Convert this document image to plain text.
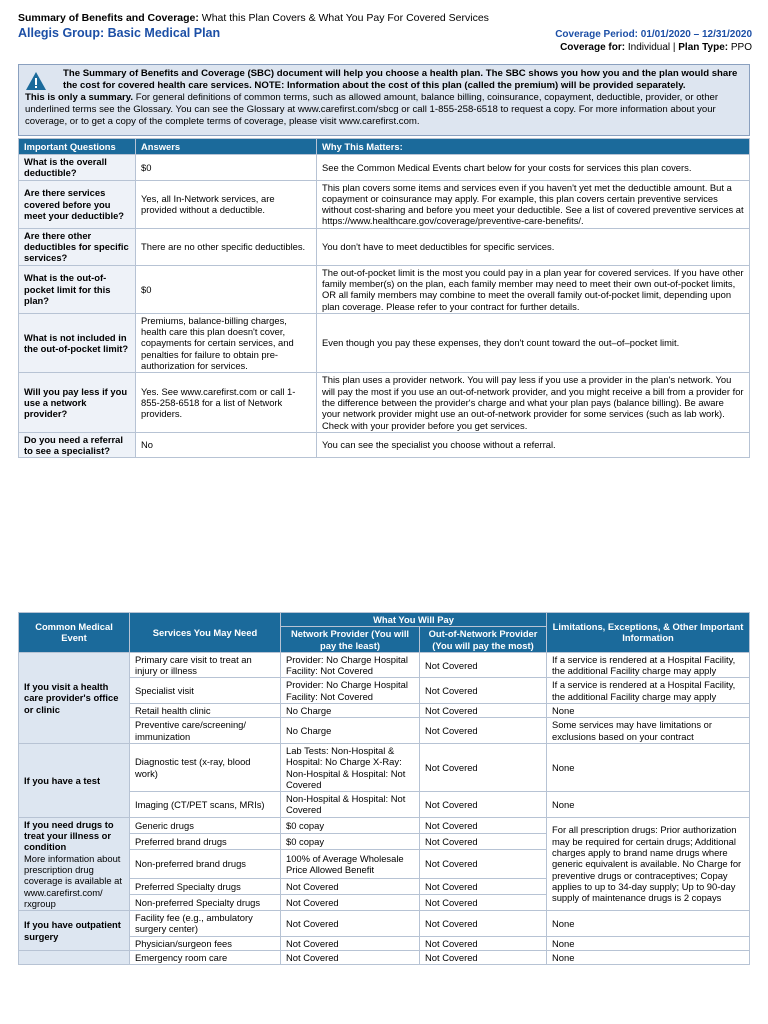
Summary of Benefits and Coverage: What this Plan Covers & What You Pay For Covered Services
Allegis Group: Basic Medical Plan	Coverage Period: 01/01/2020 – 12/31/2020
Coverage for: Individual | Plan Type: PPO
The Summary of Benefits and Coverage (SBC) document will help you choose a health plan. The SBC shows you how you and the plan would share the cost for covered health care services. NOTE: Information about the cost of this plan (called the premium) will be provided separately.
This is only a summary. For general definitions of common terms, such as allowed amount, balance billing, coinsurance, copayment, deductible, provider, or other underlined terms see the Glossary. You can see the Glossary at www.carefirst.com/sbcg or call 1-855-258-6518 to request a copy. For more information about your coverage, or to get a copy of the complete terms of coverage, please visit www.carefirst.com.
Important Questions	Answers	Why This Matters:
What is the overall deductible?	$0	See the Common Medical Events chart below for your costs for services this plan covers.
Are there services covered before you meet your deductible?	Yes, all In-Network services, are provided without a deductible.	This plan covers some items and services even if you haven't yet met the deductible amount. But a copayment or coinsurance may apply. For example, this plan covers certain preventive services without cost-sharing and before you meet your deductible. See a list of covered preventive services at https://www.healthcare.gov/coverage/preventive-care-benefits/.
Are there other deductibles for specific services?	There are no other specific deductibles.	You don't have to meet deductibles for specific services.
What is the out-of-pocket limit for this plan?	$0	The out-of-pocket limit is the most you could pay in a plan year for covered services. If you have other family member(s) on the plan, each family member may need to meet their own out-of-pocket limits, OR all family members may combine to meet the overall family out-of-pocket limit, depending upon plan coverage. Please refer to your contract for further details.
What is not included in the out-of-pocket limit?	Premiums, balance-billing charges, health care this plan doesn't cover, copayments for certain services, and penalties for failure to obtain pre-authorization for services.	Even though you pay these expenses, they don't count toward the out–of–pocket limit.
Will you pay less if you use a network provider?	Yes. See www.carefirst.com or call 1-855-258-6518 for a list of Network providers.	This plan uses a provider network. You will pay less if you use a provider in the plan's network. You will pay the most if you use an out-of-network provider, and you might receive a bill from a provider for the difference between the provider's charge and what your plan pays (balance billing). Be aware your network provider might use an out-of-network provider for some services (such as lab work). Check with your provider before you get services.
Do you need a referral to see a specialist?	No	You can see the specialist you choose without a referral.
Common Medical Event	Services You May Need	What You Will Pay		Limitations, Exceptions, & Other Important Information
		Network Provider (You will pay the least)	Out-of-Network Provider (You will pay the most)	

If you visit a health care provider's office or clinic	Primary care visit to treat an injury or illness	Provider: No Charge Hospital Facility: Not Covered	Not Covered	If a service is rendered at a Hospital Facility, the additional Facility charge may apply
	Specialist visit	Provider: No Charge Hospital Facility: Not Covered	Not Covered	If a service is rendered at a Hospital Facility, the additional Facility charge may apply
	Retail health clinic	No Charge	Not Covered	None
	Preventive care/screening/ immunization	No Charge	Not Covered	Some services may have limitations or exclusions based on your contract

If you have a test	Diagnostic test (x-ray, blood work)	Lab Tests: Non-Hospital & Hospital: No Charge X-Ray: Non-Hospital & Hospital: Not Covered	Not Covered	None
	Imaging (CT/PET scans, MRIs)	Non-Hospital & Hospital: Not Covered	Not Covered	None

If you need drugs to treat your illness or condition
More information about prescription drug coverage is available at www.carefirst.com/ rxgroup	Generic drugs	$0 copay	Not Covered	For all prescription drugs: Prior authorization may be required for certain drugs; Additional charges apply to brand name drugs where generic equivalent is available. No Charge for preventive drugs or contraceptives; Copay applies to up to 34-day supply; Up to 90-day supply of maintenance drugs is 2 copays
	Preferred brand drugs	$0 copay	Not Covered	
	Non-preferred brand drugs	100% of Average Wholesale Price Allowed Benefit	Not Covered	
	Preferred Specialty drugs	Not Covered	Not Covered	
	Non-preferred Specialty drugs	Not Covered	Not Covered	

If you have outpatient surgery	Facility fee (e.g., ambulatory surgery center)	Not Covered	Not Covered	None
	Physician/surgeon fees	Not Covered	Not Covered	None

	Emergency room care	Not Covered	Not Covered	None
